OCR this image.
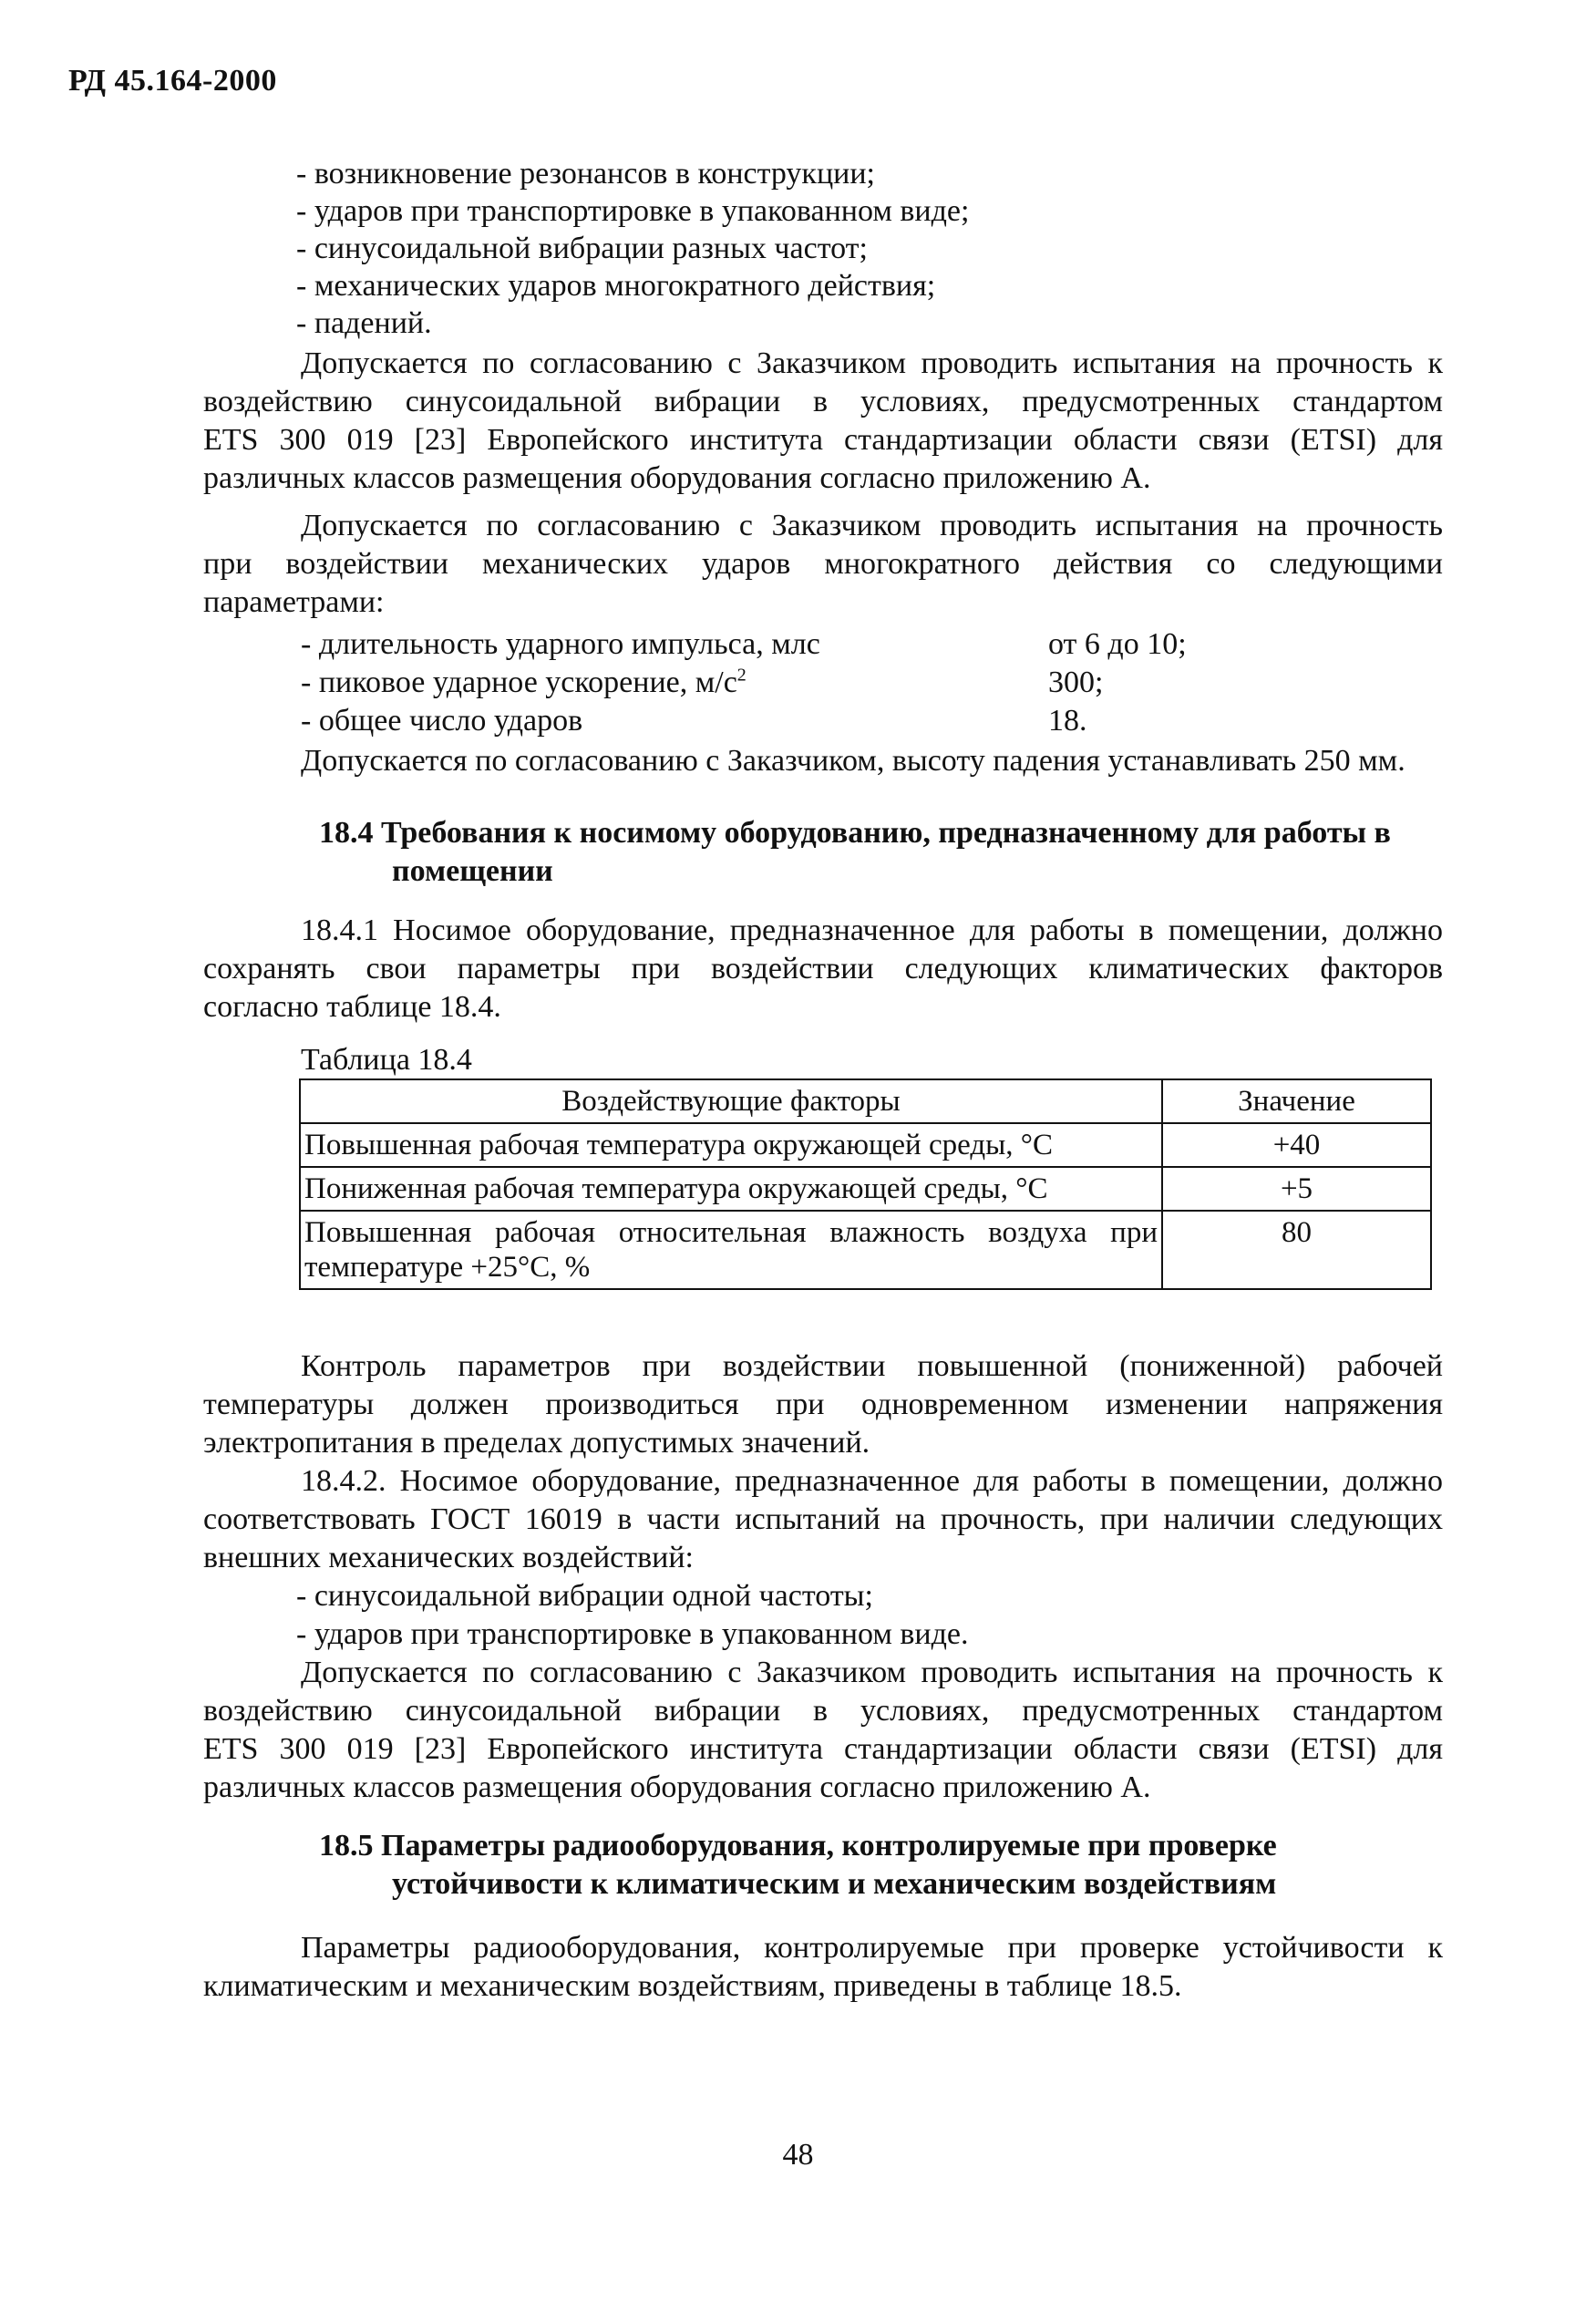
РД 45.164-2000
- возникновение резонансов в конструкции;
- ударов при транспортировке в упакованном виде;
- синусоидальной вибрации разных частот;
- механических ударов многократного действия;
- падений.
Допускается по согласованию с Заказчиком проводить испытания на прочность к
воздействию синусоидальной вибрации в условиях, предусмотренных стандартом
ETS 300 019 [23] Европейского института стандартизации области связи (ETSI) для
различных классов размещения оборудования согласно приложению А.
Допускается по согласованию с Заказчиком проводить испытания на прочность
при воздействии механических ударов многократного действия со следующими
параметрами:
- длительность ударного импульса, млс	от 6 до 10;
- пиковое ударное ускорение, $м/с^2$	300;
- общее число ударов	18.
Допускается по согласованию с Заказчиком, высоту падения устанавливать 250 мм.
18.4 Требования к носимому оборудованию, предназначенному для работы в
помещении
18.4.1 Носимое оборудование, предназначенное для работы в помещении, должно
сохранять свои параметры при воздействии следующих климатических факторов
согласно таблице 18.4.
Таблица 18.4
Воздействующие факторы	Значение
Повышенная рабочая температура окружающей среды, °С	+40
Пониженная рабочая температура окружающей среды, °С	+5

Повышенная рабочая относительная влажность воздуха при
температуре +25°С, %	80
Контроль параметров при воздействии повышенной (пониженной) рабочей
температуры должен производиться при одновременном изменении напряжения
электропитания в пределах допустимых значений.
18.4.2. Носимое оборудование, предназначенное для работы в помещении, должно
соответствовать ГОСТ 16019 в части испытаний на прочность, при наличии следующих
внешних механических воздействий:
- синусоидальной вибрации одной частоты;
- ударов при транспортировке в упакованном виде.
Допускается по согласованию с Заказчиком проводить испытания на прочность к
воздействию синусоидальной вибрации в условиях, предусмотренных стандартом
ETS 300 019 [23] Европейского института стандартизации области связи (ETSI) для
различных классов размещения оборудования согласно приложению А.
18.5 Параметры радиооборудования, контролируемые при проверке
устойчивости к климатическим и механическим воздействиям
Параметры радиооборудования, контролируемые при проверке устойчивости к
климатическим и механическим воздействиям, приведены в таблице 18.5.
48
